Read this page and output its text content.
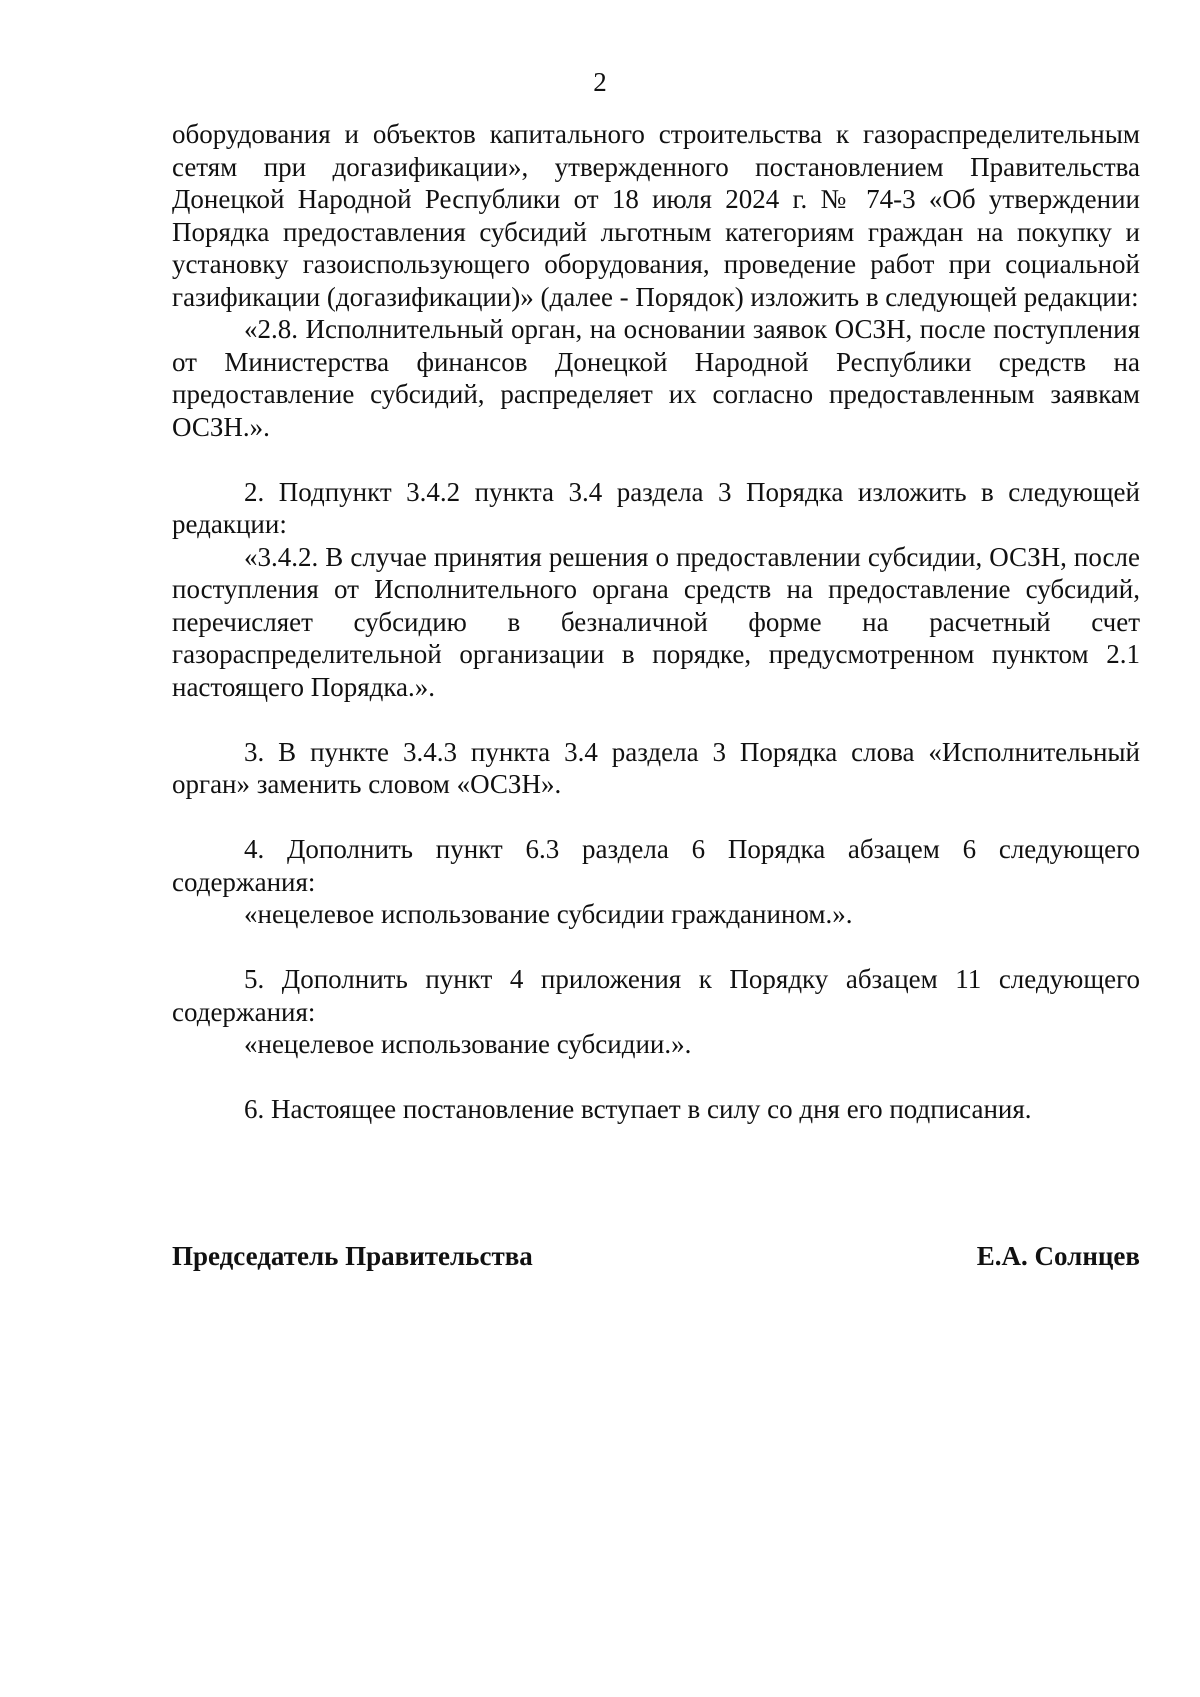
2

оборудования и объектов капитального строительства к газораспределительным сетям при догазификации», утвержденного постановлением Правительства Донецкой Народной Республики от 18 июля 2024 г. № 74-3 «Об утверждении Порядка предоставления субсидий льготным категориям граждан на покупку и установку газоиспользующего оборудования, проведение работ при социальной газификации (догазификации)» (далее - Порядок) изложить в следующей редакции:

«2.8. Исполнительный орган, на основании заявок ОСЗН, после поступления от Министерства финансов Донецкой Народной Республики средств на предоставление субсидий, распределяет их согласно предоставленным заявкам ОСЗН.».

2. Подпункт 3.4.2 пункта 3.4 раздела 3 Порядка изложить в следующей редакции:

«3.4.2. В случае принятия решения о предоставлении субсидии, ОСЗН, после поступления от Исполнительного органа средств на предоставление субсидий, перечисляет субсидию в безналичной форме на расчетный счет газораспределительной организации в порядке, предусмотренном пунктом 2.1 настоящего Порядка.».

3. В пункте 3.4.3 пункта 3.4 раздела 3 Порядка слова «Исполнительный орган» заменить словом «ОСЗН».

4. Дополнить пункт 6.3 раздела 6 Порядка абзацем 6 следующего содержания:

«нецелевое использование субсидии гражданином.».

5. Дополнить пункт 4 приложения к Порядку абзацем 11 следующего содержания:

«нецелевое использование субсидии.».

6. Настоящее постановление вступает в силу со дня его подписания.

Председатель Правительства	Е.А. Солнцев
